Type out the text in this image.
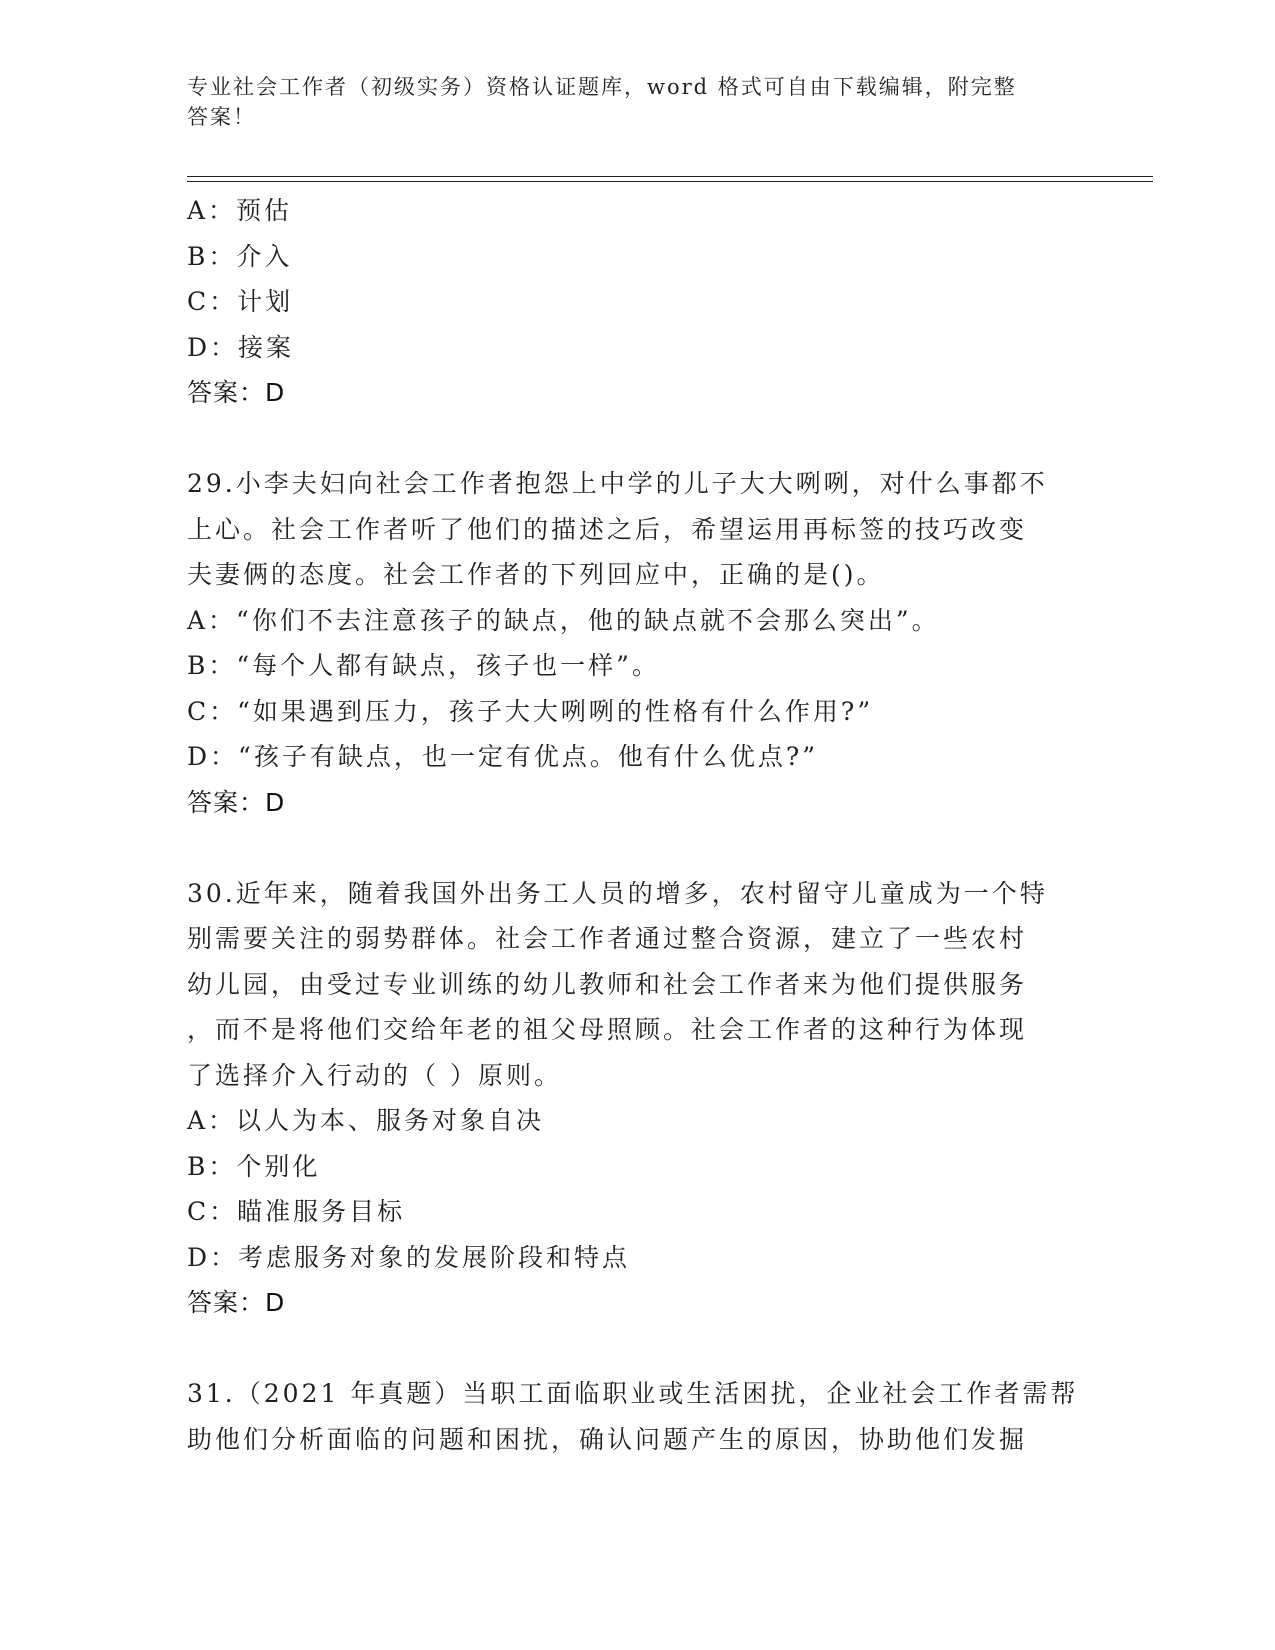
专业社会工作者（初级实务）资格认证题库，word 格式可自由下载编辑，附完整
答案！
A：预估
B：介入
C：计划
D：接案
答案：D
29.小李夫妇向社会工作者抱怨上中学的儿子大大咧咧，对什么事都不
上心。社会工作者听了他们的描述之后，希望运用再标签的技巧改变
夫妻俩的态度。社会工作者的下列回应中，正确的是()。
A：“你们不去注意孩子的缺点，他的缺点就不会那么突出”。
B：“每个人都有缺点，孩子也一样”。
C：“如果遇到压力，孩子大大咧咧的性格有什么作用?”
D：“孩子有缺点，也一定有优点。他有什么优点?”
答案：D
30.近年来，随着我国外出务工人员的增多，农村留守儿童成为一个特
别需要关注的弱势群体。社会工作者通过整合资源，建立了一些农村
幼儿园，由受过专业训练的幼儿教师和社会工作者来为他们提供服务
，而不是将他们交给年老的祖父母照顾。社会工作者的这种行为体现
了选择介入行动的（ ）原则。
A：以人为本、服务对象自决
B：个别化
C：瞄准服务目标
D：考虑服务对象的发展阶段和特点
答案：D
31.（2021 年真题）当职工面临职业或生活困扰，企业社会工作者需帮
助他们分析面临的问题和困扰，确认问题产生的原因，协助他们发掘
